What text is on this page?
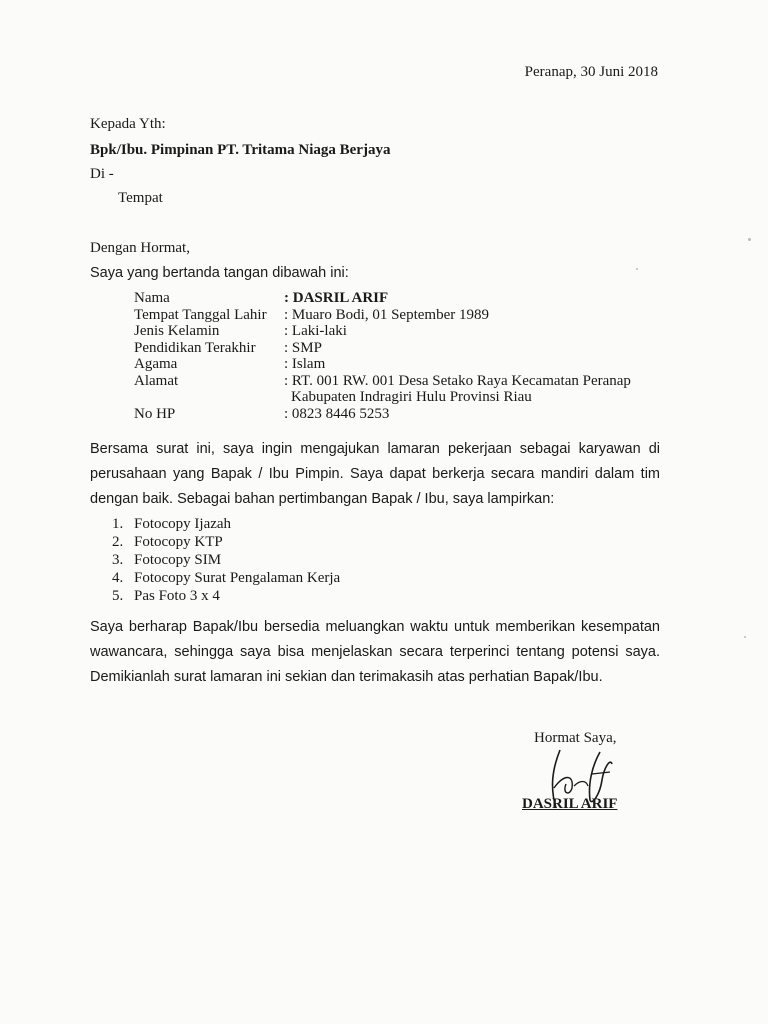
Peranap, 30 Juni 2018
Kepada Yth:
Bpk/Ibu. Pimpinan PT. Tritama Niaga Berjaya
Di -
Tempat
Dengan Hormat,
Saya yang bertanda tangan dibawah ini:
Nama	: DASRIL ARIF
Tempat Tanggal Lahir	: Muaro Bodi, 01 September 1989
Jenis Kelamin	: Laki-laki
Pendidikan Terakhir	: SMP
Agama	: Islam
Alamat	: RT. 001 RW. 001 Desa Setako Raya Kecamatan Peranap
Kabupaten Indragiri Hulu Provinsi Riau
No HP	: 0823 8446 5253
Bersama surat ini, saya ingin mengajukan lamaran pekerjaan sebagai karyawan di perusahaan yang Bapak / Ibu Pimpin. Saya dapat berkerja secara mandiri dalam tim dengan baik. Sebagai bahan pertimbangan Bapak / Ibu, saya lampirkan:
1. Fotocopy Ijazah
2. Fotocopy KTP
3. Fotocopy SIM
4. Fotocopy Surat Pengalaman Kerja
5. Pas Foto 3 x 4
Saya berharap Bapak/Ibu bersedia meluangkan waktu untuk memberikan kesempatan wawancara, sehingga saya bisa menjelaskan secara terperinci tentang potensi saya. Demikianlah surat lamaran ini sekian dan terimakasih atas perhatian Bapak/Ibu.
Hormat Saya,
DASRIL ARIF
